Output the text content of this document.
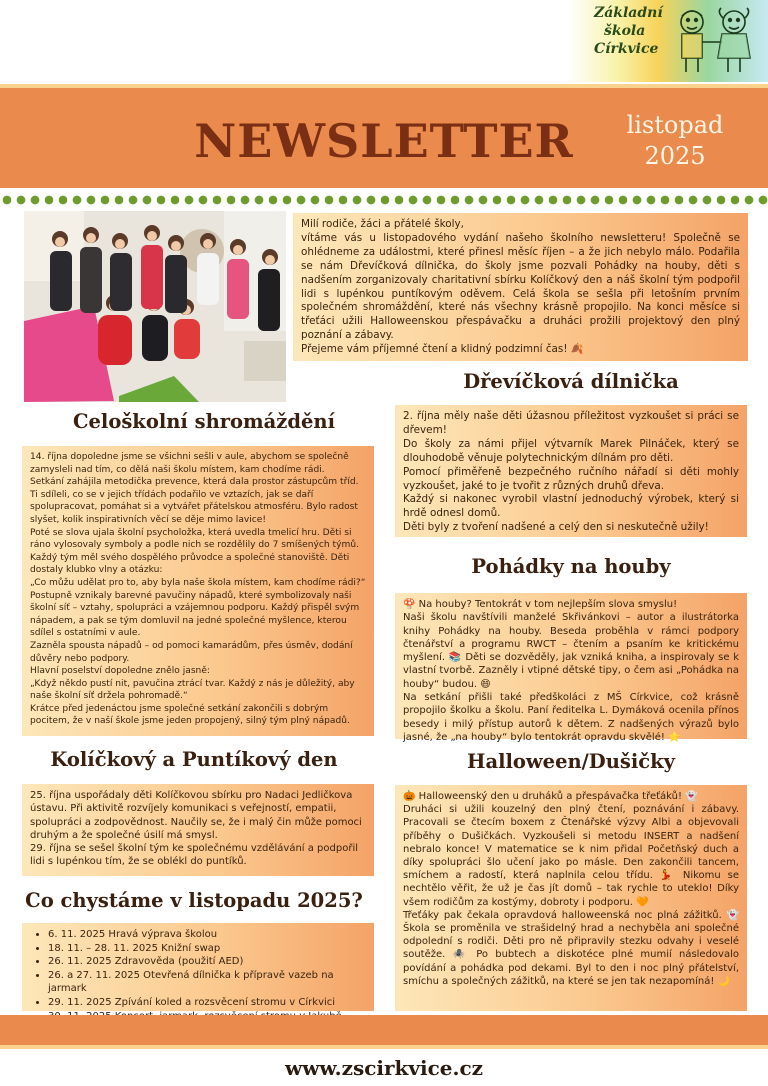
Základní
škola
Církvice
NEWSLETTER	listopad
2025

Milí rodiče, žáci a přátelé školy,

vítáme vás u listopadového vydání našeho školního newsletteru! Společně se ohlédneme za událostmi, které přinesl měsíc říjen – a že jich nebylo málo. Podařila se nám Dřevíčková dílnička, do školy jsme pozvali Pohádky na houby, děti s nadšením zorganizovaly charitativní sbírku Kolíčkový den a náš školní tým podpořil lidi s lupénkou puntíkovým oděvem. Celá škola se sešla při letošním prvním společném shromáždění, které nás všechny krásně propojilo. Na konci měsíce si třeťáci užili Halloweenskou přespávačku a druháci prožili projektový den plný poznání a zábavy.

Přejeme vám příjemné čtení a klidný podzimní čas! 🍂

Celoškolní shromáždění

14. října dopoledne jsme se všichni sešli v aule, abychom se společně zamysleli nad tím, co dělá naši školu místem, kam chodíme rádi.

Setkání zahájila metodička prevence, která dala prostor zástupcům tříd. Ti sdíleli, co se v jejich třídách podařilo ve vztazích, jak se daří spolupracovat, pomáhat si a vytvářet přátelskou atmosféru. Bylo radost slyšet, kolik inspirativních věcí se děje mimo lavice!

Poté se slova ujala školní psycholožka, která uvedla tmelicí hru. Děti si ráno vylosovaly symboly a podle nich se rozdělily do 7 smíšených týmů. Každý tým měl svého dospělého průvodce a společné stanoviště. Děti dostaly klubko vlny a otázku:

„Co můžu udělat pro to, aby byla naše škola místem, kam chodíme rádi?“

Postupně vznikaly barevné pavučiny nápadů, které symbolizovaly naši školní síť – vztahy, spolupráci a vzájemnou podporu. Každý přispěl svým nápadem, a pak se tým domluvil na jedné společné myšlence, kterou sdílel s ostatními v aule.

Zazněla spousta nápadů – od pomoci kamarádům, přes úsměv, dodání důvěry nebo podpory.

Hlavní poselství dopoledne znělo jasně:

„Když někdo pustí nit, pavučina ztrácí tvar. Každý z nás je důležitý, aby naše školní síť držela pohromadě.“

Krátce před jedenáctou jsme společné setkání zakončili s dobrým pocitem, že v naší škole jsme jeden propojený, silný tým plný nápadů.

Kolíčkový a Puntíkový den

25. října uspořádaly děti Kolíčkovou sbírku pro Nadaci Jedličkova ústavu. Při aktivitě rozvíjely komunikaci s veřejností, empatii, spolupráci a zodpovědnost. Naučily se, že i malý čin může pomoci druhým a že společné úsilí má smysl.

29. října se sešel školní tým ke společnému vzdělávání a podpořil lidi s lupénkou tím, že se oblékl do puntíků.

Co chystáme v listopadu 2025?
• 6. 11. 2025 Hravá výprava školou
• 18. 11. – 28. 11. 2025 Knižní swap
• 26. 11. 2025 Zdravověda (použití AED)
• 26. a 27. 11. 2025 Otevřená dílnička k přípravě vazeb na jarmark
• 29. 11. 2025 Zpívání koled a rozsvěcení stromu v Církvici
•
Dřevíčková dílnička

2. října měly naše děti úžasnou příležitost vyzkoušet si práci se dřevem!

Do školy za námi přijel výtvarník Marek Pilnáček, který se dlouhodobě věnuje polytechnickým dílnám pro děti.

Pomocí přiměřeně bezpečného ručního nářadí si děti mohly vyzkoušet, jaké to je tvořit z různých druhů dřeva.

Každý si nakonec vyrobil vlastní jednoduchý výrobek, který si hrdě odnesl domů.

Děti byly z tvoření nadšené a celý den si neskutečně užily!

Pohádky na houby

🍄 Na houby? Tentokrát v tom nejlepším slova smyslu!

Naši školu navštívili manželé Skřivánkovi – autor a ilustrátorka knihy Pohádky na houby. Beseda proběhla v rámci podpory čtenářství a programu RWCT – čtením a psaním ke kritickému myšlení. 📚 Děti se dozvěděly, jak vzniká kniha, a inspirovaly se k vlastní tvorbě. Zazněly i vtipné dětské tipy, o čem asi „Pohádka na houby“ budou. 😄

Na setkání přišli také předškoláci z MŠ Církvice, což krásně propojilo školku a školu. Paní ředitelka L. Dymáková ocenila přínos besedy i milý přístup autorů k dětem. Z nadšených výrazů bylo jasné, že „na houby“ bylo tentokrát opravdu skvělé! ⭐

Halloween/Dušičky

🎃 Halloweenský den u druháků a přespávačka třeťáků! 👻

Druháci si užili kouzelný den plný čtení, poznávání i zábavy. Pracovali se čtecím boxem z Čtenářské výzvy Albi a objevovali příběhy o Dušičkách. Vyzkoušeli si metodu INSERT a nadšení nebralo konce! V matematice se k nim přidal Početňský duch a díky spolupráci šlo učení jako po másle. Den zakončili tancem, smíchem a radostí, která naplnila celou třídu. 💃 Nikomu se nechtělo věřit, že už je čas jít domů – tak rychle to uteklo! Díky všem rodičům za kostýmy, dobroty i podporu. 🧡

Třeťáky pak čekala opravdová halloweenská noc plná zážitků. 👻 Škola se proměnila ve strašidelný hrad a nechyběla ani společné odpolední s rodiči. Děti pro ně připravily stezku odvahy i veselé soutěže. 🕷️ Po bubtech a diskotéce plné mumií následovalo povídání a pohádka pod dekami. Byl to den i noc plný přátelství, smíchu a společných zážitků, na které se jen tak nezapomíná! 🌙

www.zscirkvice.cz
